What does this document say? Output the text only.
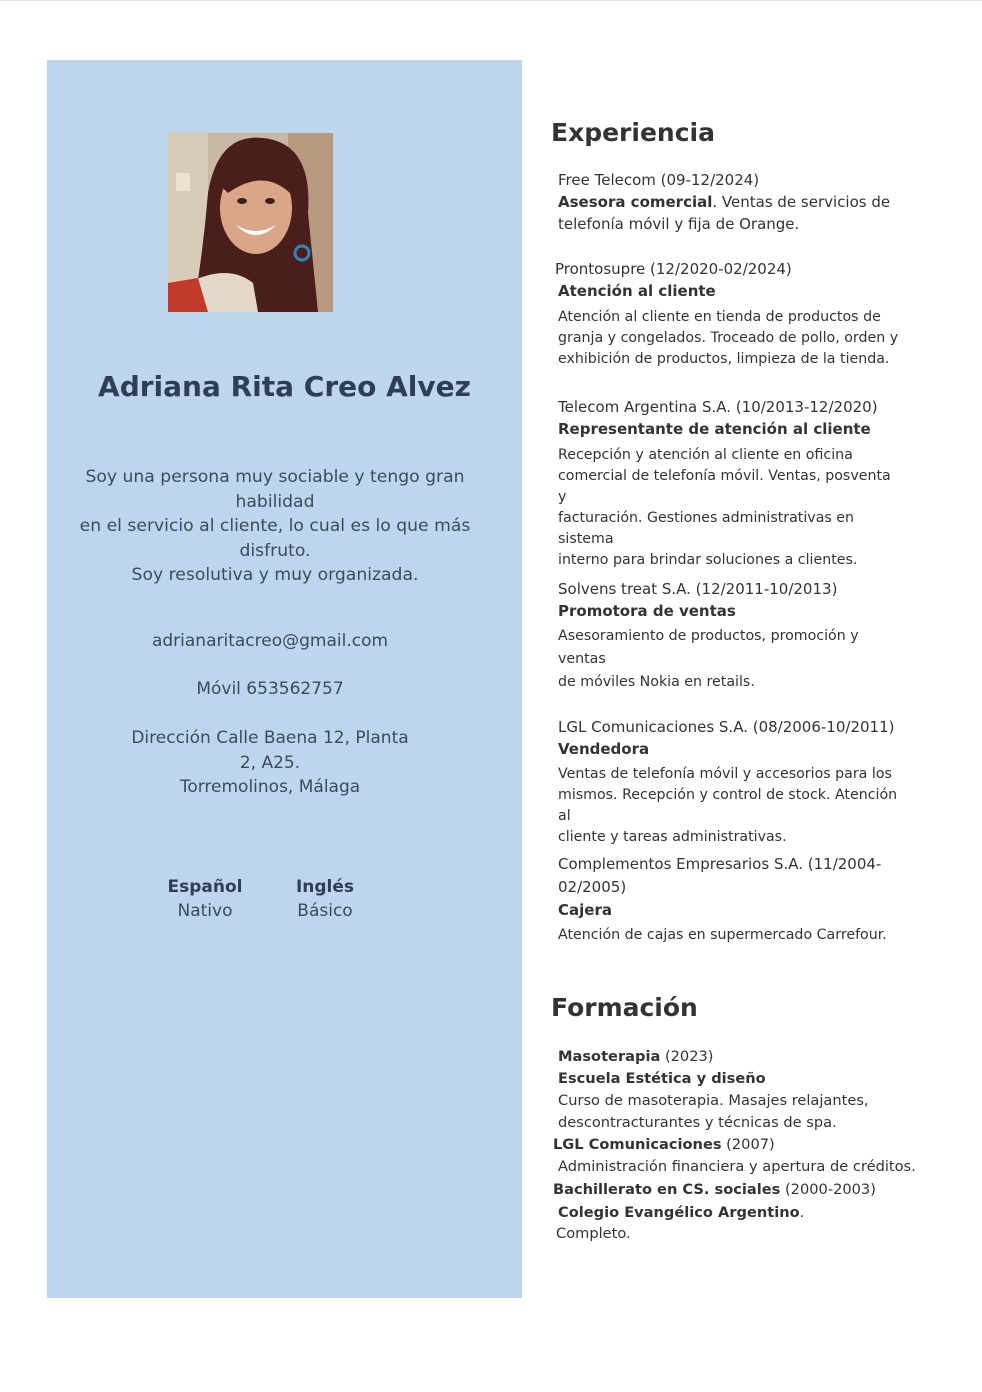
Adriana Rita Creo Alvez
Soy una persona muy sociable y tengo gran habilidad
en el servicio al cliente, lo cual es lo que más disfruto.
Soy resolutiva y muy organizada.
adrianaritacreo@gmail.com
Móvil 653562757
Dirección Calle Baena 12, Planta
2, A25.
Torremolinos, Málaga
Español
Nativo
Inglés
Básico
Experiencia
Free Telecom (09-12/2024)
Asesora comercial. Ventas de servicios de
telefonía móvil y fija de Orange.
Prontosupre (12/2020-02/2024)
Atención al cliente
Atención al cliente en tienda de productos de
granja y congelados. Troceado de pollo, orden y
exhibición de productos, limpieza de la tienda.
Telecom Argentina S.A. (10/2013-12/2020)
Representante de atención al cliente
Recepción y atención al cliente en oficina
comercial de telefonía móvil. Ventas, posventa y
facturación. Gestiones administrativas en sistema
interno para brindar soluciones a clientes.
Solvens treat S.A. (12/2011-10/2013)
Promotora de ventas
Asesoramiento de productos, promoción y ventas
de móviles Nokia en retails.
LGL Comunicaciones S.A. (08/2006-10/2011)
Vendedora
Ventas de telefonía móvil y accesorios para los
mismos. Recepción y control de stock. Atención al
cliente y tareas administrativas.
Complementos Empresarios S.A. (11/2004-
02/2005)
Cajera
Atención de cajas en supermercado Carrefour.
Formación
Masoterapia (2023)
Escuela Estética y diseño
Curso de masoterapia. Masajes relajantes,
descontracturantes y técnicas de spa.
LGL Comunicaciones (2007)
Administración financiera y apertura de créditos.
Bachillerato en CS. sociales (2000-2003)
Colegio Evangélico Argentino.
Completo.
